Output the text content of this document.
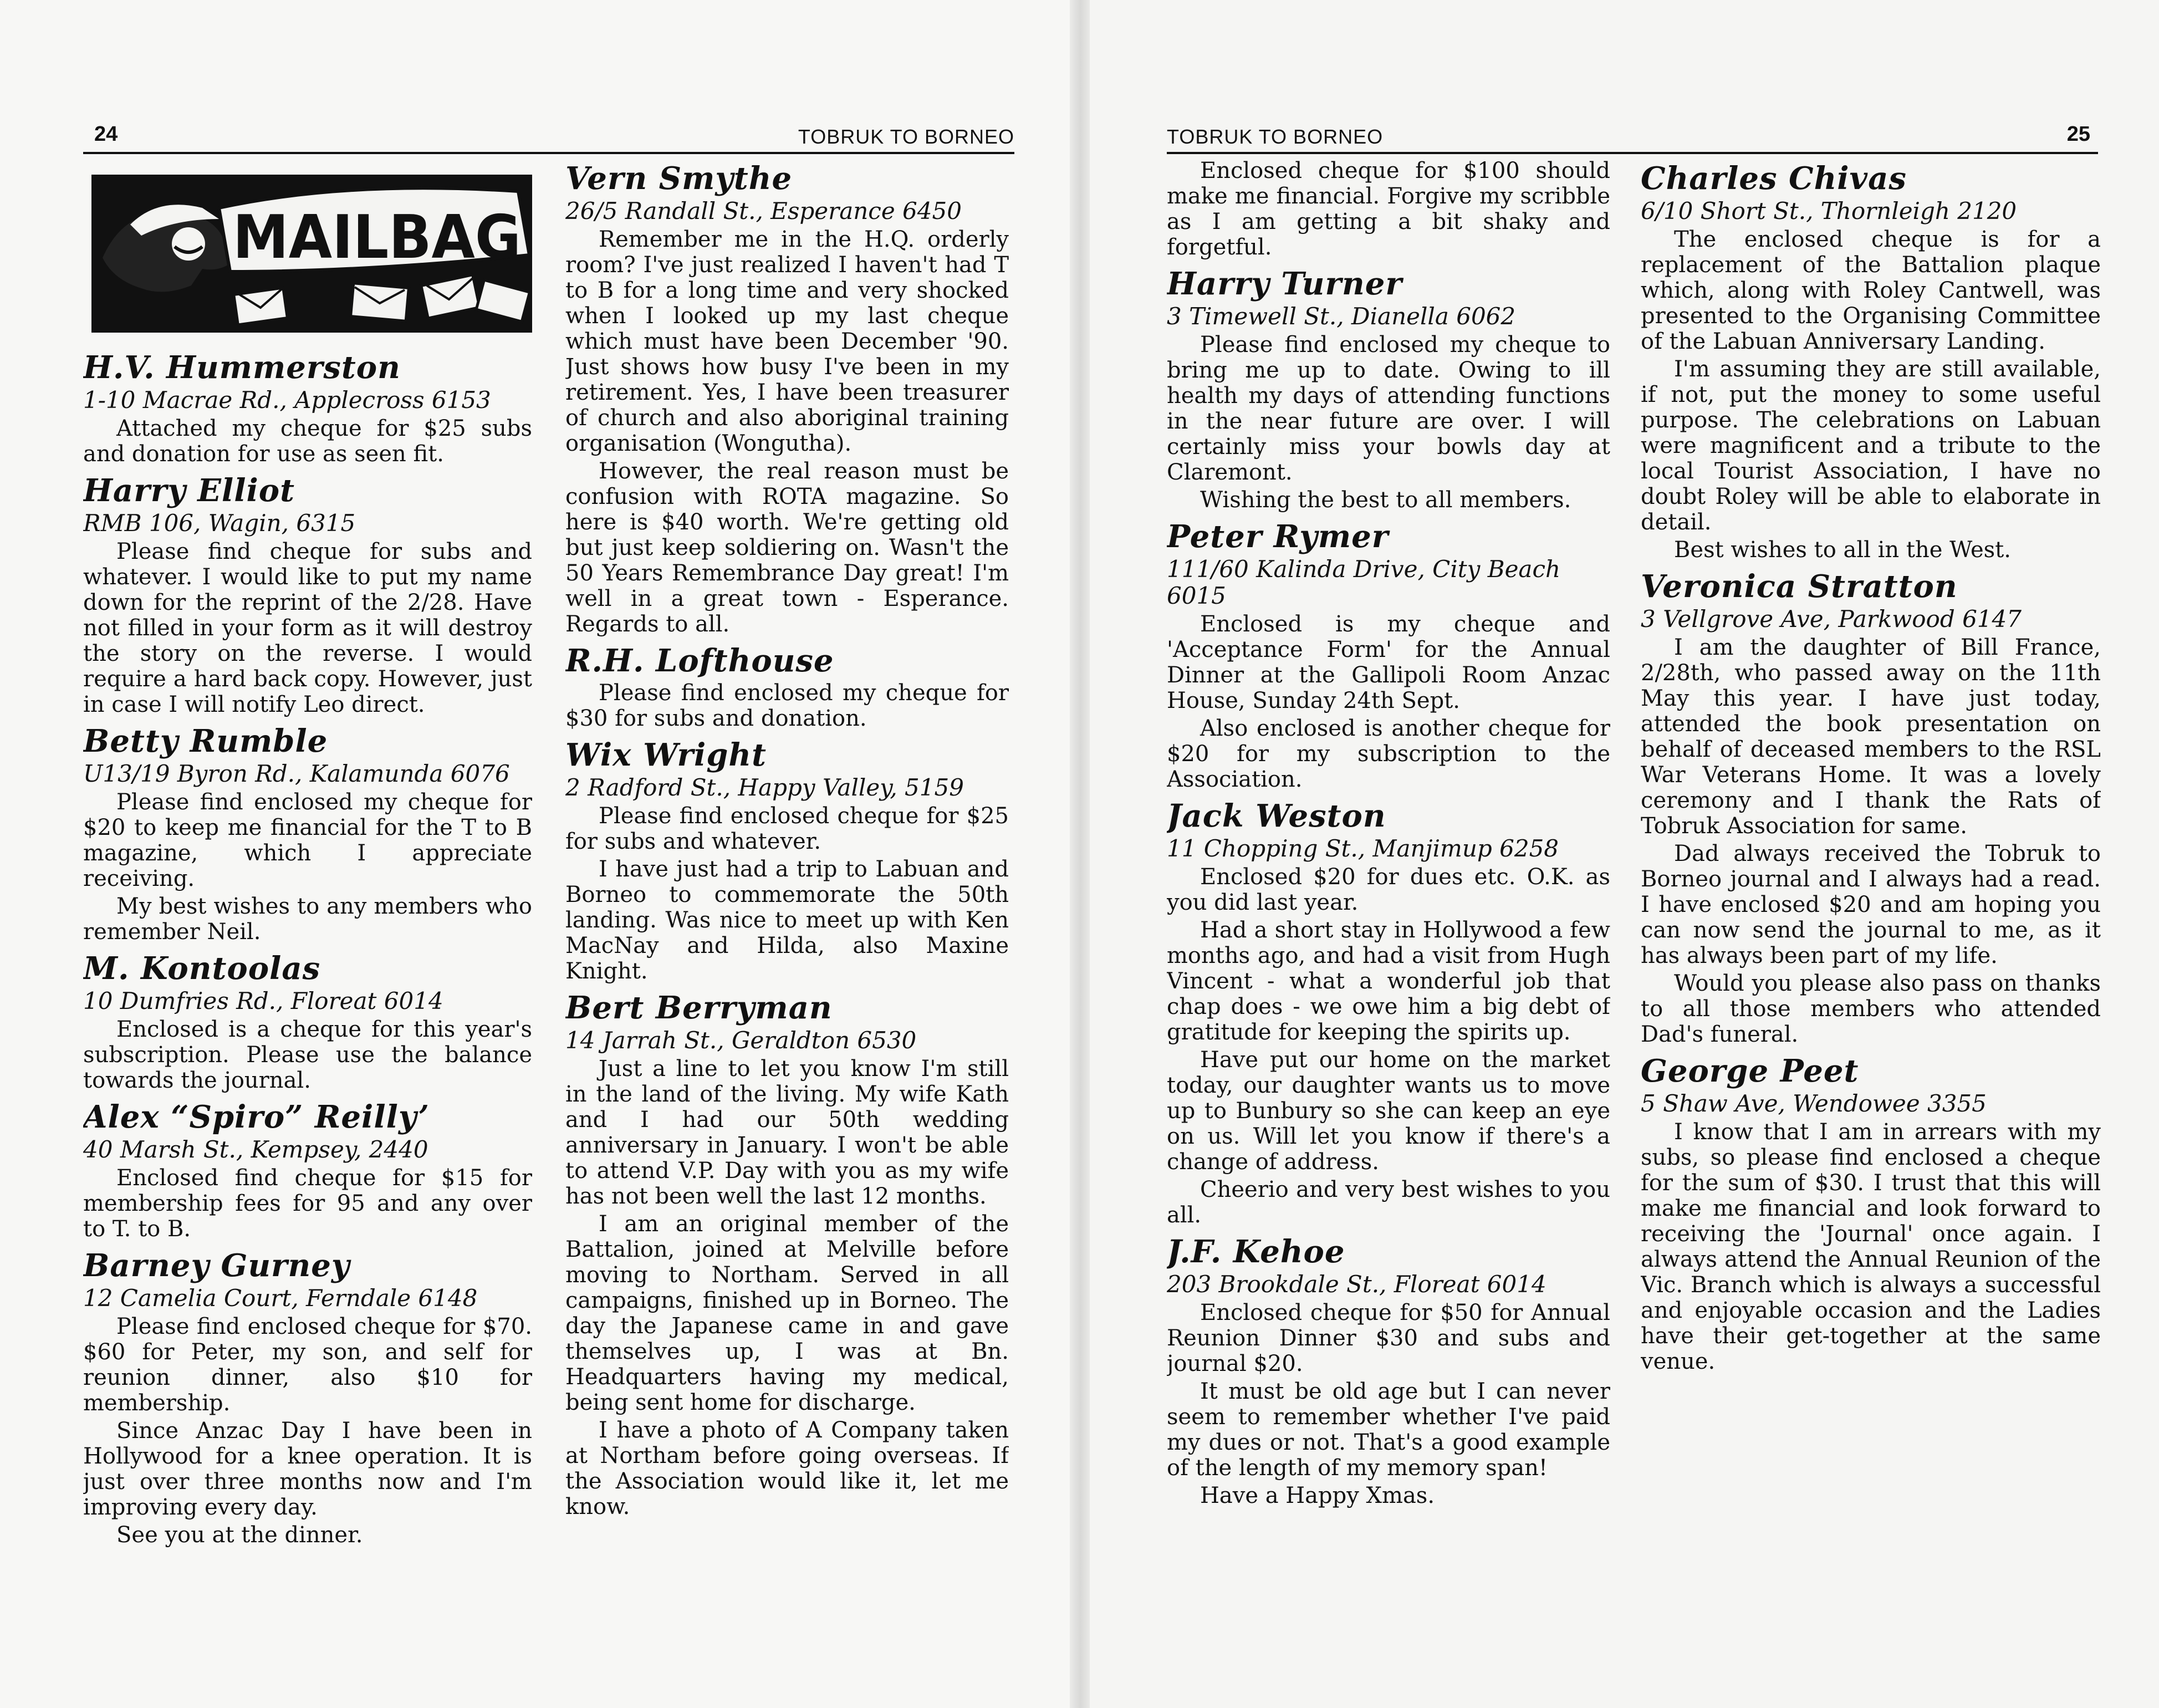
24	TOBRUK TO BORNEO	TOBRUK TO BORNEO	25
MAILBAG
H.V. Hummerston
1-10 Macrae Rd., Applecross 6153

Attached my cheque for $25 subs and donation for use as seen fit.

Harry Elliot
RMB 106, Wagin, 6315

Please find cheque for subs and whatever. I would like to put my name down for the reprint of the 2/28. Have not filled in your form as it will destroy the story on the reverse. I would require a hard back copy. However, just in case I will notify Leo direct.

Betty Rumble
U13/19 Byron Rd., Kalamunda 6076

Please find enclosed my cheque for $20 to keep me financial for the T to B magazine, which I appreciate receiving.

My best wishes to any members who remember Neil.

M. Kontoolas
10 Dumfries Rd., Floreat 6014

Enclosed is a cheque for this year's subscription. Please use the balance towards the journal.

Alex “Spiro” Reilly’
40 Marsh St., Kempsey, 2440

Enclosed find cheque for $15 for membership fees for 95 and any over to T. to B.

Barney Gurney
12 Camelia Court, Ferndale 6148

Please find enclosed cheque for $70. $60 for Peter, my son, and self for reunion dinner, also $10 for membership.

Since Anzac Day I have been in Hollywood for a knee operation. It is just over three months now and I'm improving every day.

See you at the dinner.

Vern Smythe
26/5 Randall St., Esperance 6450

Remember me in the H.Q. orderly room? I've just realized I haven't had T to B for a long time and very shocked when I looked up my last cheque which must have been December '90. Just shows how busy I've been in my retirement. Yes, I have been treasurer of church and also aboriginal training organisation (Wongutha).

However, the real reason must be confusion with ROTA magazine. So here is $40 worth. We're getting old but just keep soldiering on. Wasn't the 50 Years Remembrance Day great! I'm well in a great town - Esperance. Regards to all.

R.H. Lofthouse

Please find enclosed my cheque for $30 for subs and donation.

Wix Wright
2 Radford St., Happy Valley, 5159

Please find enclosed cheque for $25 for subs and whatever.

I have just had a trip to Labuan and Borneo to commemorate the 50th landing. Was nice to meet up with Ken MacNay and Hilda, also Maxine Knight.

Bert Berryman
14 Jarrah St., Geraldton 6530

Just a line to let you know I'm still in the land of the living. My wife Kath and I had our 50th wedding anniversary in January. I won't be able to attend V.P. Day with you as my wife has not been well the last 12 months.

I am an original member of the Battalion, joined at Melville before moving to Northam. Served in all campaigns, finished up in Borneo. The day the Japanese came in and gave themselves up, I was at Bn. Headquarters having my medical, being sent home for discharge.

I have a photo of A Company taken at Northam before going overseas. If the Association would like it, let me know.

Enclosed cheque for $100 should make me financial. Forgive my scribble as I am getting a bit shaky and forgetful.

Harry Turner
3 Timewell St., Dianella 6062

Please find enclosed my cheque to bring me up to date. Owing to ill health my days of attending functions in the near future are over. I will certainly miss your bowls day at Claremont.

Wishing the best to all members.

Peter Rymer
111/60 Kalinda Drive, City Beach 6015

Enclosed is my cheque and 'Acceptance Form' for the Annual Dinner at the Gallipoli Room Anzac House, Sunday 24th Sept.

Also enclosed is another cheque for $20 for my subscription to the Association.

Jack Weston
11 Chopping St., Manjimup 6258

Enclosed $20 for dues etc. O.K. as you did last year.

Had a short stay in Hollywood a few months ago, and had a visit from Hugh Vincent - what a wonderful job that chap does - we owe him a big debt of gratitude for keeping the spirits up.

Have put our home on the market today, our daughter wants us to move up to Bunbury so she can keep an eye on us. Will let you know if there's a change of address.

Cheerio and very best wishes to you all.

J.F. Kehoe
203 Brookdale St., Floreat 6014

Enclosed cheque for $50 for Annual Reunion Dinner $30 and subs and journal $20.

It must be old age but I can never seem to remember whether I've paid my dues or not. That's a good example of the length of my memory span!

Have a Happy Xmas.

Charles Chivas
6/10 Short St., Thornleigh 2120

The enclosed cheque is for a replacement of the Battalion plaque which, along with Roley Cantwell, was presented to the Organising Committee of the Labuan Anniversary Landing.

I'm assuming they are still available, if not, put the money to some useful purpose. The celebrations on Labuan were magnificent and a tribute to the local Tourist Association, I have no doubt Roley will be able to elaborate in detail.

Best wishes to all in the West.

Veronica Stratton
3 Vellgrove Ave, Parkwood 6147

I am the daughter of Bill France, 2/28th, who passed away on the 11th May this year. I have just today, attended the book presentation on behalf of deceased members to the RSL War Veterans Home. It was a lovely ceremony and I thank the Rats of Tobruk Association for same.

Dad always received the Tobruk to Borneo journal and I always had a read. I have enclosed $20 and am hoping you can now send the journal to me, as it has always been part of my life.

Would you please also pass on thanks to all those members who attended Dad's funeral.

George Peet
5 Shaw Ave, Wendowee 3355

I know that I am in arrears with my subs, so please find enclosed a cheque for the sum of $30. I trust that this will make me financial and look forward to receiving the 'Journal' once again. I always attend the Annual Reunion of the Vic. Branch which is always a successful and enjoyable occasion and the Ladies have their get-together at the same venue.
